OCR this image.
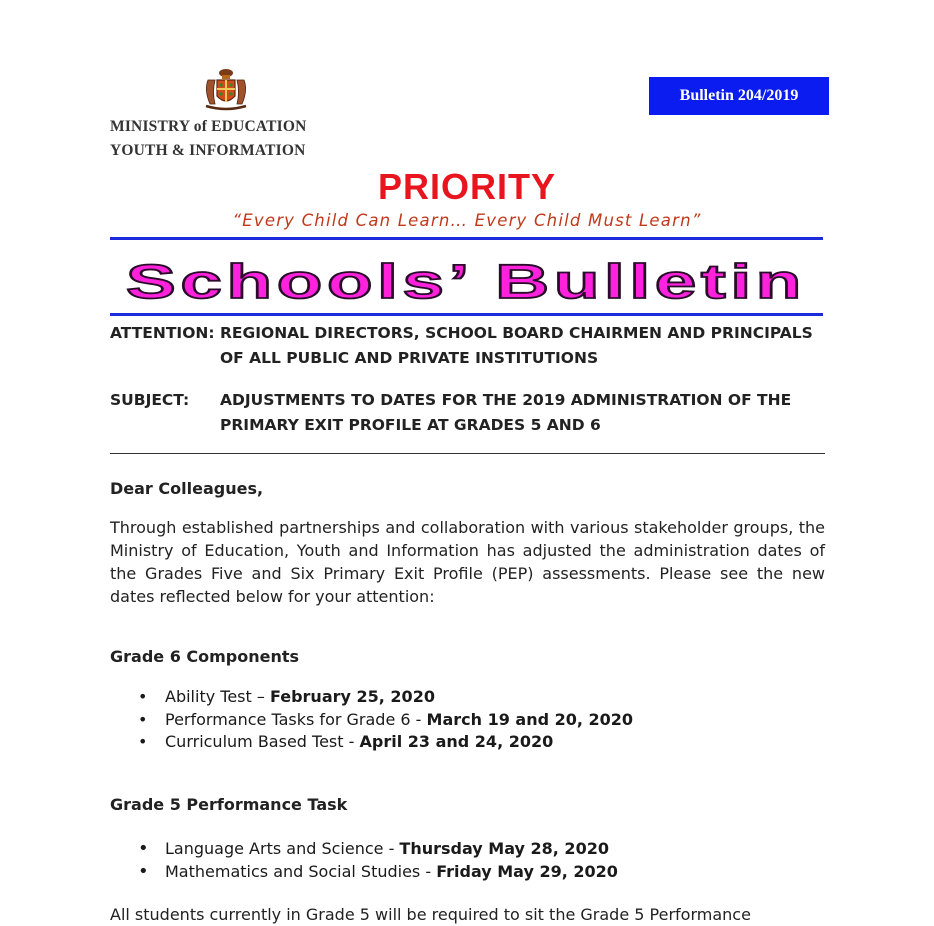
MINISTRY of EDUCATION
YOUTH & INFORMATION
Bulletin 204/2019
PRIORITY
“Every Child Can Learn… Every Child Must Learn”
Schools’ Bulletin
ATTENTION: REGIONAL DIRECTORS, SCHOOL BOARD CHAIRMEN AND PRINCIPALS OF ALL PUBLIC AND PRIVATE INSTITUTIONS
SUBJECT: ADJUSTMENTS TO DATES FOR THE 2019 ADMINISTRATION OF THE PRIMARY EXIT PROFILE AT GRADES 5 AND 6
Dear Colleagues,
Through established partnerships and collaboration with various stakeholder groups, the Ministry of Education, Youth and Information has adjusted the administration dates of the Grades Five and Six Primary Exit Profile (PEP) assessments. Please see the new dates reflected below for your attention:
Grade 6 Components
• Ability Test – February 25, 2020
• Performance Tasks for Grade 6 - March 19 and 20, 2020
• Curriculum Based Test - April 23 and 24, 2020
Grade 5 Performance Task
• Language Arts and Science - Thursday May 28, 2020
• Mathematics and Social Studies - Friday May 29, 2020
All students currently in Grade 5 will be required to sit the Grade 5 Performance
